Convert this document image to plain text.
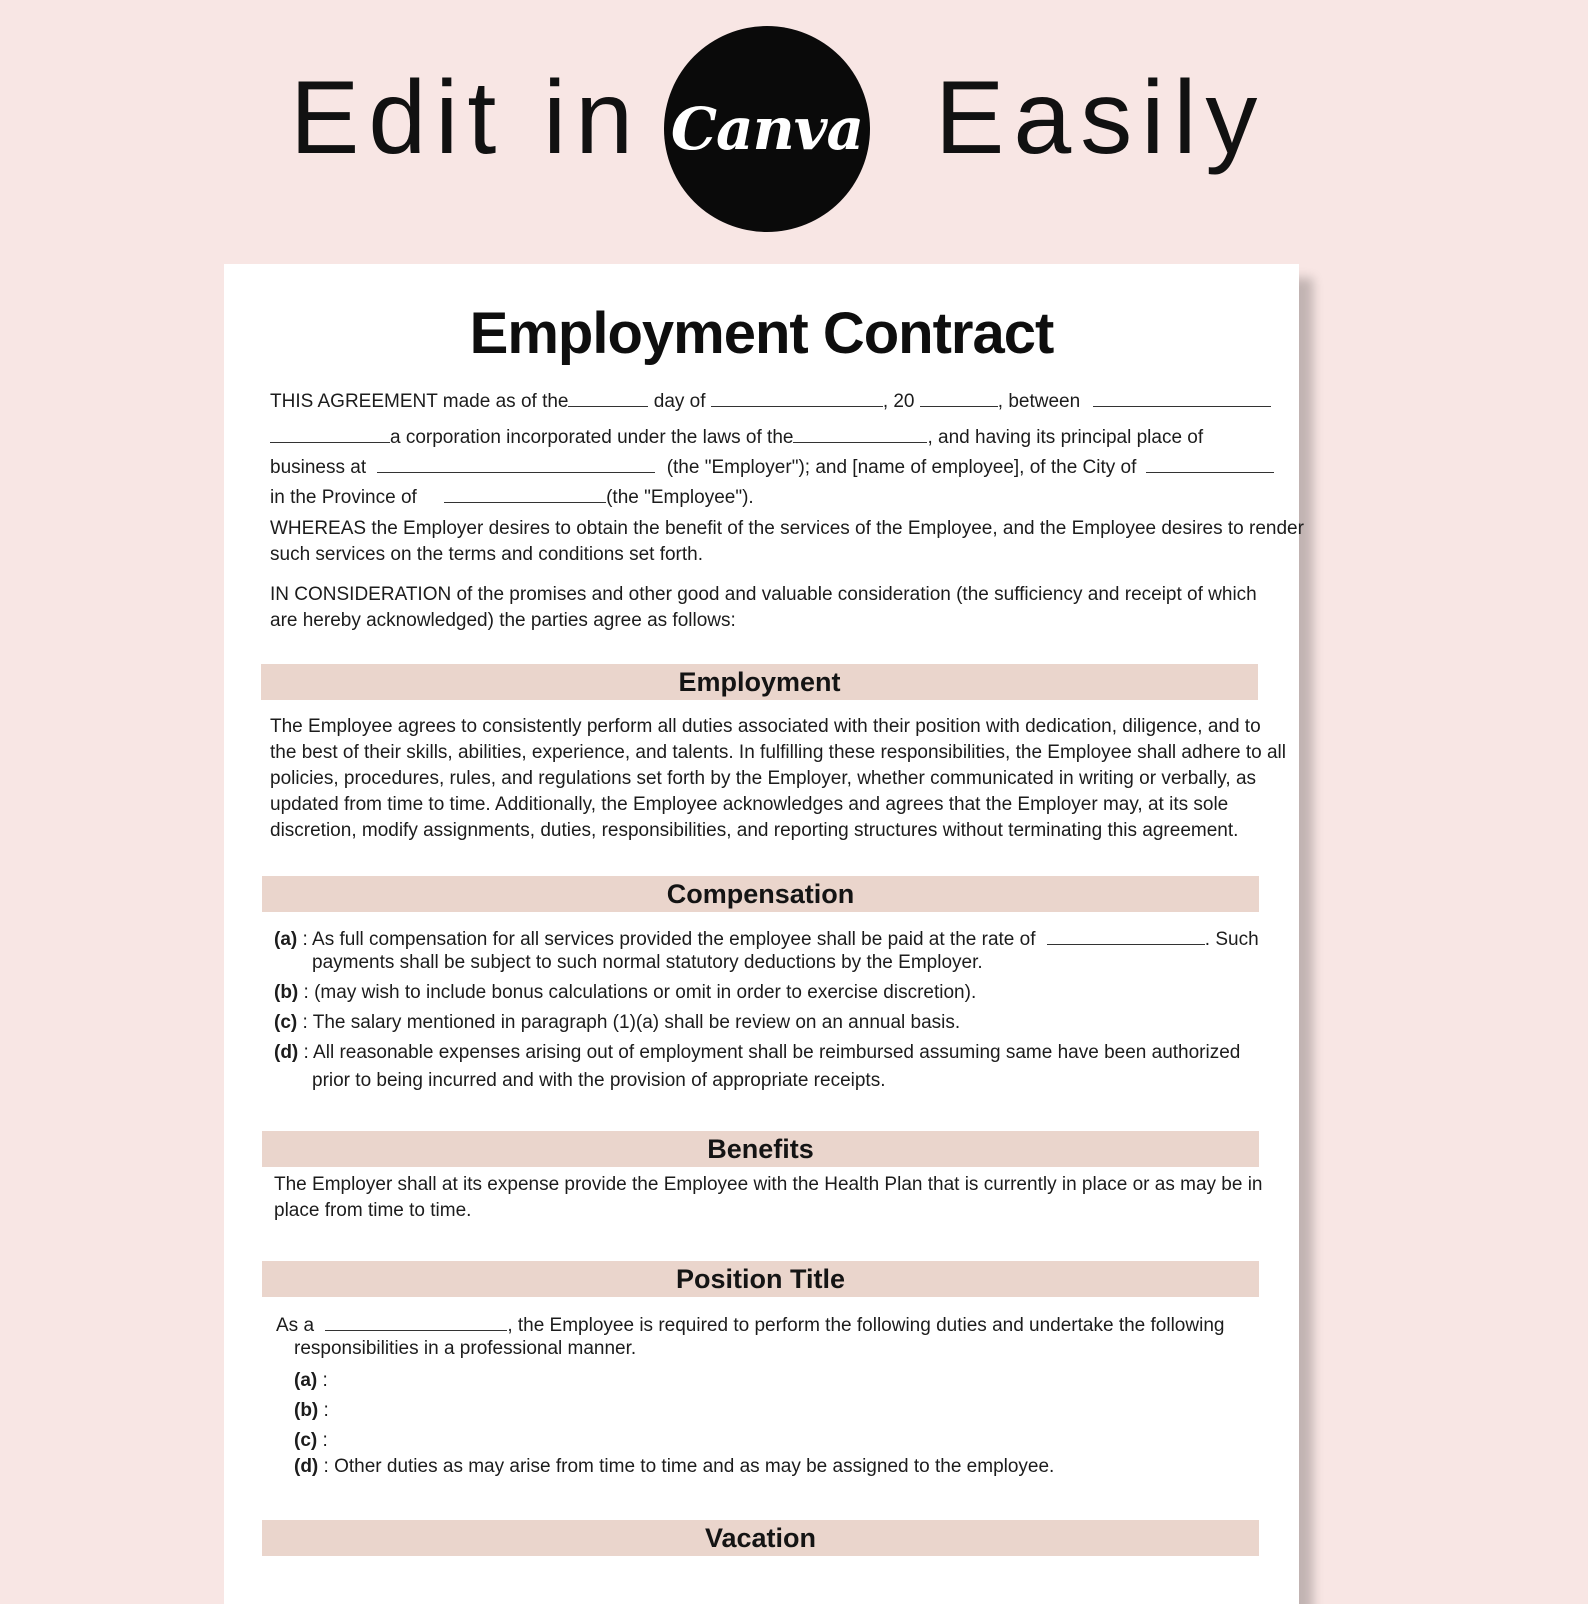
Edit in Canva Easily
Employment Contract
THIS AGREEMENT made as of the	day of	, 20	, between
a corporation incorporated under the laws of the	, and having its principal place of
business at	(the "Employer"); and [name of employee], of the City of
in the Province of	(the "Employee").
WHEREAS the Employer desires to obtain the benefit of the services of the Employee, and the Employee desires to render
such services on the terms and conditions set forth.
IN CONSIDERATION of the promises and other good and valuable consideration (the sufficiency and receipt of which
are hereby acknowledged) the parties agree as follows:
Employment
The Employee agrees to consistently perform all duties associated with their position with dedication, diligence, and to
the best of their skills, abilities, experience, and talents. In fulfilling these responsibilities, the Employee shall adhere to all
policies, procedures, rules, and regulations set forth by the Employer, whether communicated in writing or verbally, as
updated from time to time. Additionally, the Employee acknowledges and agrees that the Employer may, at its sole
discretion, modify assignments, duties, responsibilities, and reporting structures without terminating this agreement.
Compensation
(a) : As full compensation for all services provided the employee shall be paid at the rate of	. Such
payments shall be subject to such normal statutory deductions by the Employer.
(b) : (may wish to include bonus calculations or omit in order to exercise discretion).
(c) : The salary mentioned in paragraph (1)(a) shall be review on an annual basis.
(d) : All reasonable expenses arising out of employment shall be reimbursed assuming same have been authorized
prior to being incurred and with the provision of appropriate receipts.
Benefits
The Employer shall at its expense provide the Employee with the Health Plan that is currently in place or as may be in
place from time to time.
Position Title
As a	, the Employee is required to perform the following duties and undertake the following
responsibilities in a professional manner.
(a) :
(b) :
(c) :
(d) : Other duties as may arise from time to time and as may be assigned to the employee.
Vacation
